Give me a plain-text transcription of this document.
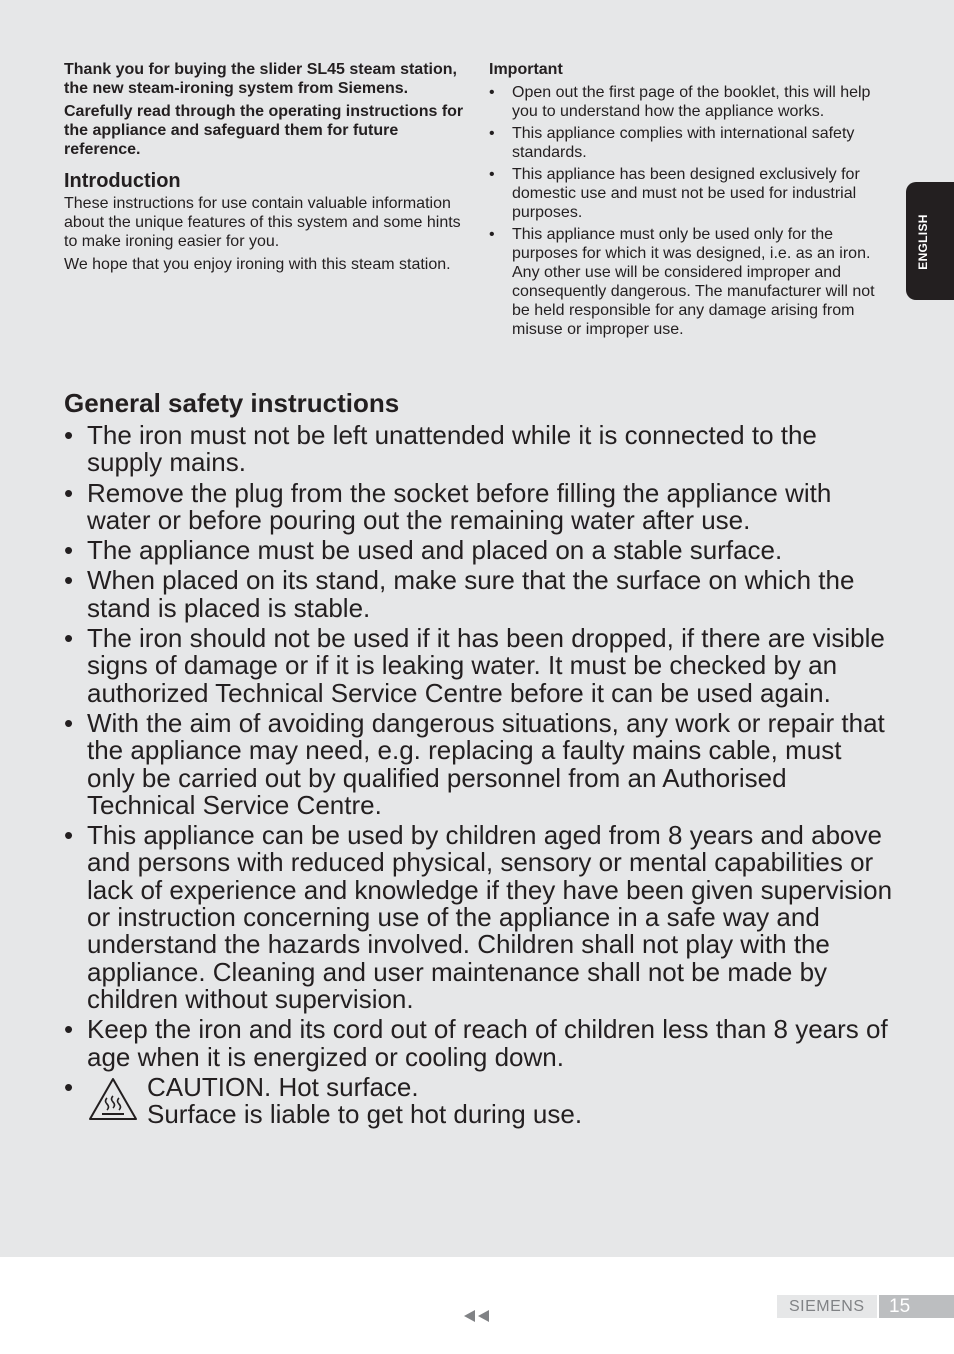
Thank you for buying the slider SL45 steam station, the new steam-ironing system from Siemens.

Carefully read through the operating instructions for the appliance and safeguard them for future reference.

Introduction

These instructions for use contain valuable information about the unique features of this system and some hints to make ironing easier for you.

We hope that you enjoy ironing with this steam station.

Important

• Open out the first page of the booklet, this will help you to understand how the appliance works.
• This appliance complies with international safety standards.
• This appliance has been designed exclusively for domestic use and must not be used for industrial purposes.
• This appliance must only be used only for the purposes for which it was designed, i.e. as an iron. Any other use will be considered improper and consequently dangerous. The manufacturer will not be held responsible for any damage arising from misuse or improper use.
ENGLISH
General safety instructions
• The iron must not be left unattended while it is connected to the supply mains.
• Remove the plug from the socket before filling the appliance with water or before pouring out the remaining water after use.
• The appliance must be used and placed on a stable surface.
• When placed on its stand, make sure that the surface on which the stand is placed is stable.
• The iron should not be used if it has been dropped, if there are visible signs of damage or if it is leaking water. It must be checked by an authorized Technical Service Centre before it can be used again.
• With the aim of avoiding dangerous situations, any work or repair that the appliance may need, e.g. replacing a faulty mains cable, must only be carried out by qualified personnel from an Authorised Technical Service Centre.
• This appliance can be used by children aged from 8 years and above and persons with reduced physical, sensory or mental capabilities or lack of experience and knowledge if they have been given supervision or instruction concerning use of the appliance in a safe way and understand the hazards involved. Children shall not play with the appliance. Cleaning and user maintenance shall not be made by children without supervision.
• Keep the iron and its cord out of reach of children less than 8 years of age when it is energized or cooling down.
• CAUTION. Hot surface.
Surface is liable to get hot during use.
SIEMENS	15
